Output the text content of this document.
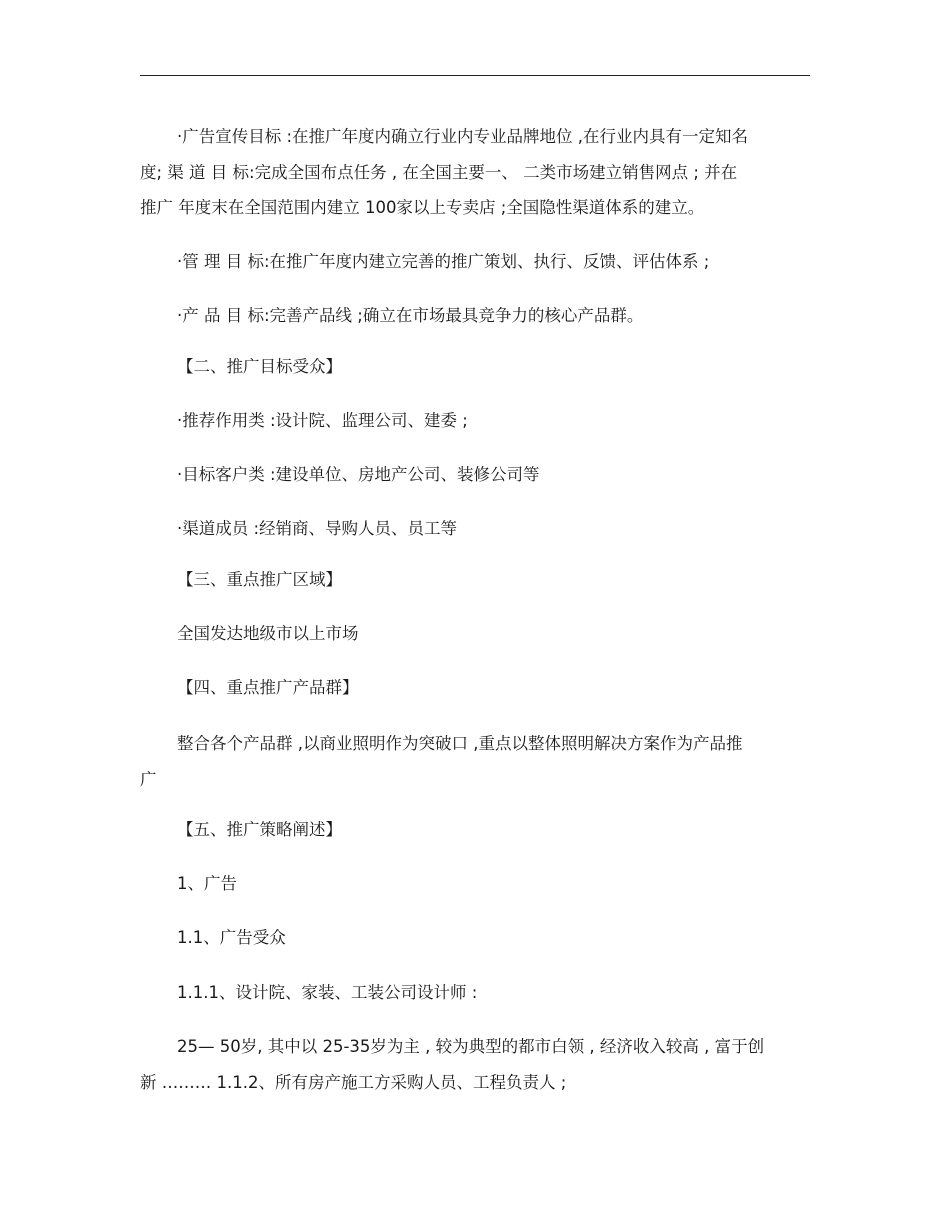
·广告宣传目标 :在推广年度内确立行业内专业品牌地位 ,在行业内具有一定知名
度; 渠 道 目 标:完成全国布点任务 , 在全国主要一、 二类市场建立销售网点 ; 并在
推广 年度末在全国范围内建立 100家以上专卖店 ;全国隐性渠道体系的建立。

·管 理 目 标:在推广年度内建立完善的推广策划、执行、反馈、评估体系 ;

·产 品 目 标:完善产品线 ;确立在市场最具竞争力的核心产品群。

【二、推广目标受众】

·推荐作用类 :设计院、监理公司、建委 ;

·目标客户类 :建设单位、房地产公司、装修公司等

·渠道成员 :经销商、导购人员、员工等

【三、重点推广区域】

全国发达地级市以上市场

【四、重点推广产品群】

整合各个产品群 ,以商业照明作为突破口 ,重点以整体照明解决方案作为产品推
广

【五、推广策略阐述】

1、广告

1.1、广告受众

1.1.1、设计院、家装、工装公司设计师 :

25— 50岁, 其中以 25-35岁为主 , 较为典型的都市白领 , 经济收入较高 , 富于创
新 ……… 1.1.2、所有房产施工方采购人员、工程负责人 ;
